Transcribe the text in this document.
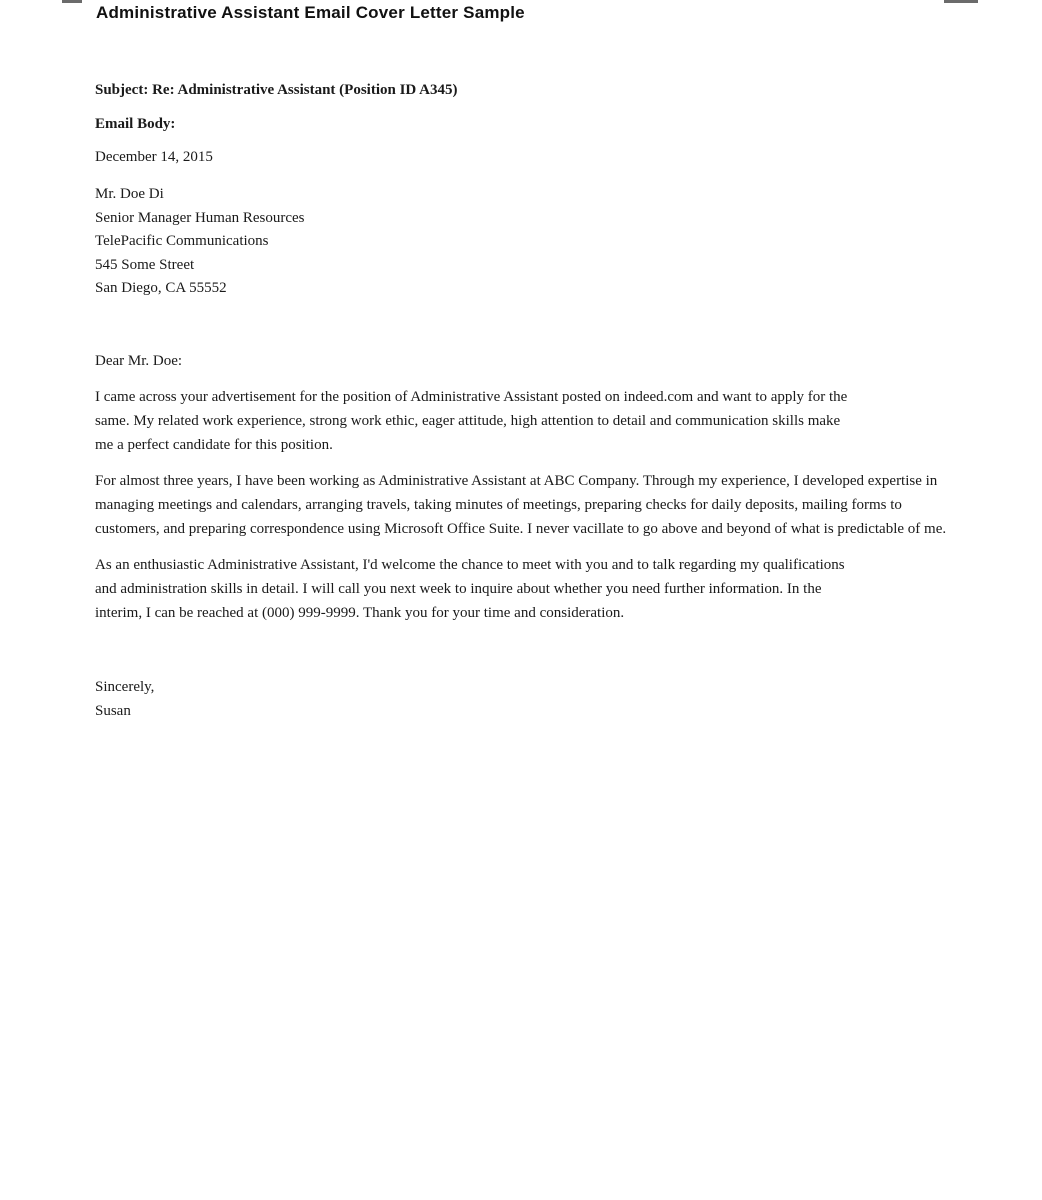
Administrative Assistant Email Cover Letter Sample

Subject: Re: Administrative Assistant (Position ID A345)

Email Body:

December 14, 2015

Mr. Doe Di
Senior Manager Human Resources
TelePacific Communications
545 Some Street
San Diego, CA 55552

Dear Mr. Doe:

I came across your advertisement for the position of Administrative Assistant posted on indeed.com and want to apply for the same. My related work experience, strong work ethic, eager attitude, high attention to detail and communication skills make me a perfect candidate for this position.

For almost three years, I have been working as Administrative Assistant at ABC Company. Through my experience, I developed expertise in managing meetings and calendars, arranging travels, taking minutes of meetings, preparing checks for daily deposits, mailing forms to customers, and preparing correspondence using Microsoft Office Suite. I never vacillate to go above and beyond of what is predictable of me.

As an enthusiastic Administrative Assistant, I'd welcome the chance to meet with you and to talk regarding my qualifications and administration skills in detail. I will call you next week to inquire about whether you need further information. In the interim, I can be reached at (000) 999-9999. Thank you for your time and consideration.

Sincerely,

Susan
